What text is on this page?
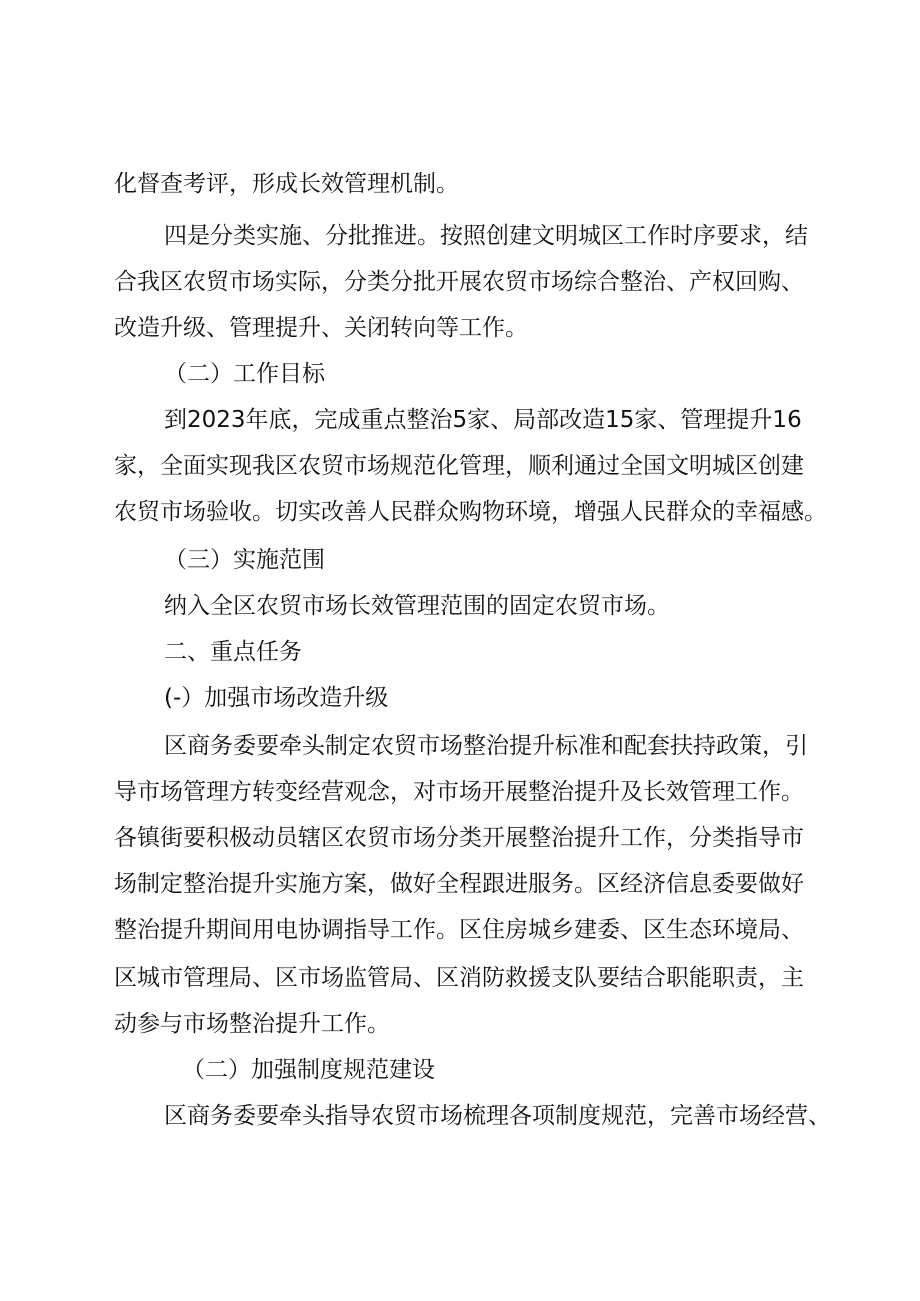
化督查考评，形成长效管理机制。
四是分类实施、分批推进。按照创建文明城区工作时序要求，结
合我区农贸市场实际，分类分批开展农贸市场综合整治、产权回购、
改造升级、管理提升、关闭转向等工作。
（二）工作目标
到2023年底，完成重点整治5家、局部改造15家、管理提升16
家，全面实现我区农贸市场规范化管理，顺利通过全国文明城区创建
农贸市场验收。切实改善人民群众购物环境，增强人民群众的幸福感。
（三）实施范围
纳入全区农贸市场长效管理范围的固定农贸市场。
二、重点任务
(-）加强市场改造升级
区商务委要牵头制定农贸市场整治提升标准和配套扶持政策，引
导市场管理方转变经营观念，对市场开展整治提升及长效管理工作。
各镇街要积极动员辖区农贸市场分类开展整治提升工作，分类指导市
场制定整治提升实施方案，做好全程跟进服务。区经济信息委要做好
整治提升期间用电协调指导工作。区住房城乡建委、区生态环境局、
区城市管理局、区市场监管局、区消防救援支队要结合职能职责，主
动参与市场整治提升工作。
（二）加强制度规范建设
区商务委要牵头指导农贸市场梳理各项制度规范，完善市场经营、
